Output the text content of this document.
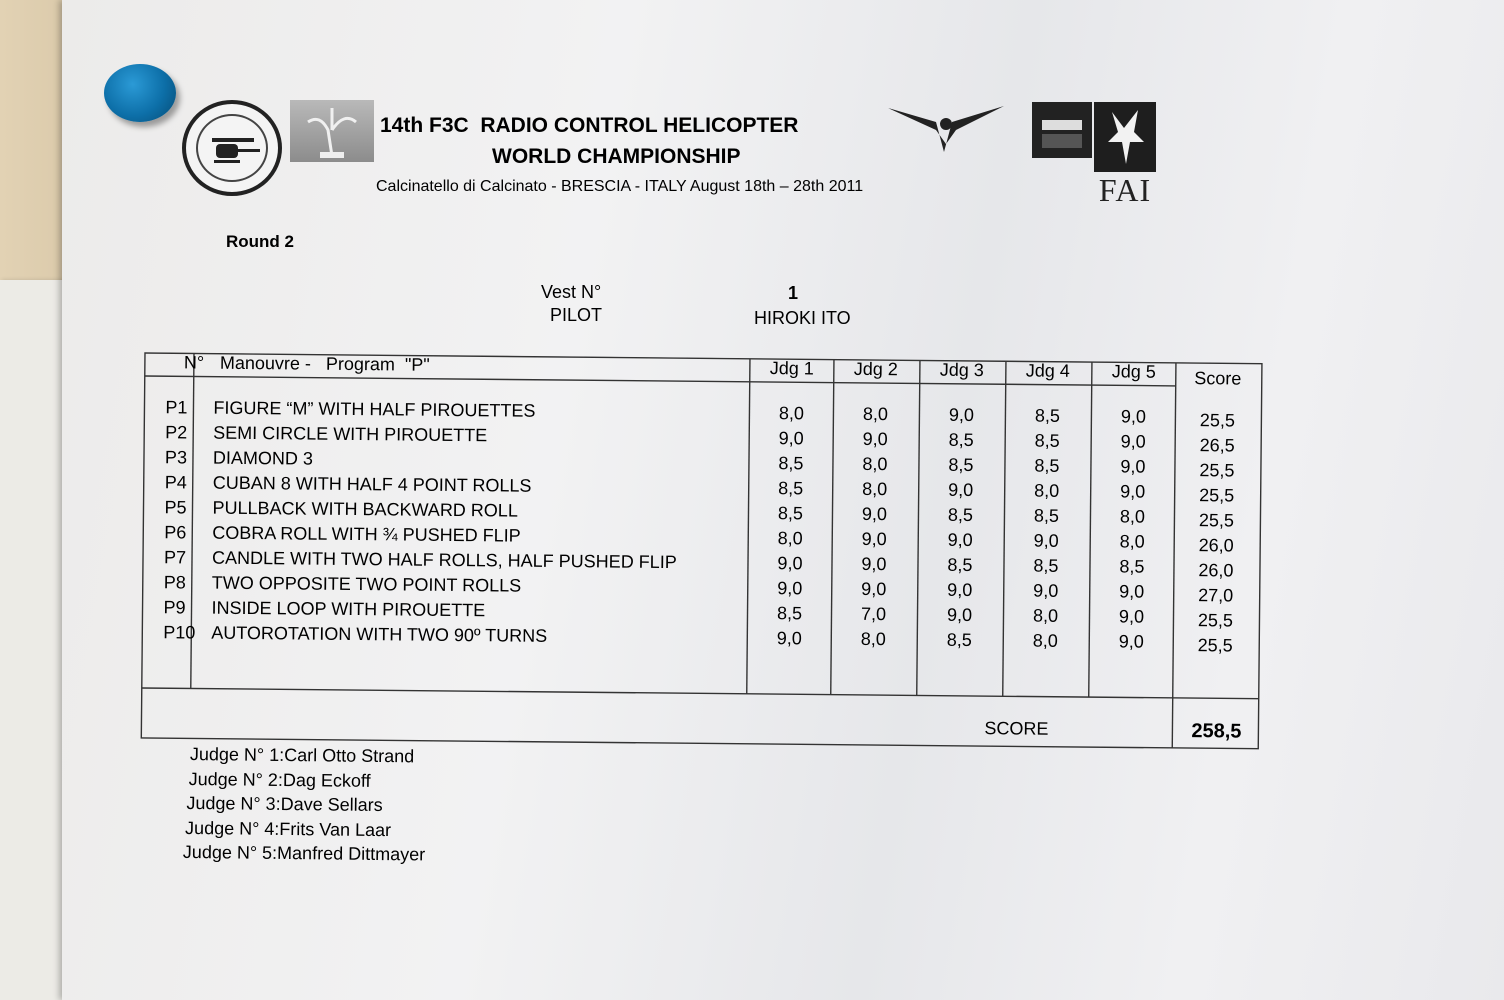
FAI
14th F3C  RADIO CONTROL HELICOPTER
WORLD CHAMPIONSHIP
Calcinatello di Calcinato - BRESCIA - ITALY August 18th – 28th 2011
Round 2
Vest N°
PILOT
1
HIROKI ITO
N° Manouvre -   Program  "P"	Jdg 1	Jdg 2	Jdg 3	Jdg 4	Jdg 5	Score
P1 FIGURE “M” WITH HALF PIROUETTES	8,0	8,0	9,0	8,5	9,0	25,5
P2 SEMI CIRCLE WITH PIROUETTE	9,0	9,0	8,5	8,5	9,0	26,5
P3 DIAMOND 3	8,5	8,0	8,5	8,5	9,0	25,5
P4 CUBAN 8 WITH HALF 4 POINT ROLLS	8,5	8,0	9,0	8,0	9,0	25,5
P5 PULLBACK WITH BACKWARD ROLL	8,5	9,0	8,5	8,5	8,0	25,5
P6 COBRA ROLL WITH ¾ PUSHED FLIP	8,0	9,0	9,0	9,0	8,0	26,0
P7 CANDLE WITH TWO HALF ROLLS, HALF PUSHED FLIP	9,0	9,0	8,5	8,5	8,5	26,0
P8 TWO OPPOSITE TWO POINT ROLLS	9,0	9,0	9,0	9,0	9,0	27,0
P9 INSIDE LOOP WITH PIROUETTE	8,5	7,0	9,0	8,0	9,0	25,5
P10 AUTOROTATION WITH TWO 90º TURNS	9,0	8,0	8,5	8,0	9,0	25,5
SCORE	258,5
Judge N° 1:Carl Otto Strand
Judge N° 2:Dag Eckoff
Judge N° 3:Dave Sellars
Judge N° 4:Frits Van Laar
Judge N° 5:Manfred Dittmayer
